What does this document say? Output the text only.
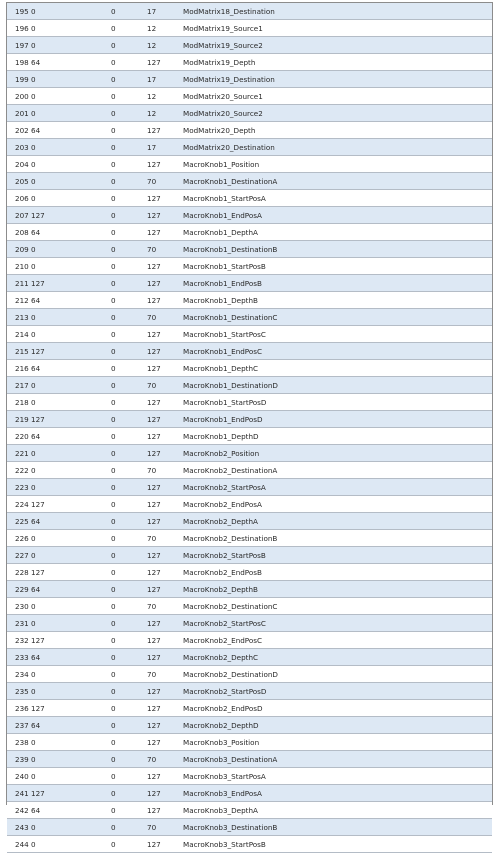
195 0	0	17	ModMatrix18_Destination
196 0	0	12	ModMatrix19_Source1
197 0	0	12	ModMatrix19_Source2
198 64	0	127	ModMatrix19_Depth
199 0	0	17	ModMatrix19_Destination
200 0	0	12	ModMatrix20_Source1
201 0	0	12	ModMatrix20_Source2
202 64	0	127	ModMatrix20_Depth
203 0	0	17	ModMatrix20_Destination
204 0	0	127	MacroKnob1_Position
205 0	0	70	MacroKnob1_DestinationA
206 0	0	127	MacroKnob1_StartPosA
207 127	0	127	MacroKnob1_EndPosA
208 64	0	127	MacroKnob1_DepthA
209 0	0	70	MacroKnob1_DestinationB
210 0	0	127	MacroKnob1_StartPosB
211 127	0	127	MacroKnob1_EndPosB
212 64	0	127	MacroKnob1_DepthB
213 0	0	70	MacroKnob1_DestinationC
214 0	0	127	MacroKnob1_StartPosC
215 127	0	127	MacroKnob1_EndPosC
216 64	0	127	MacroKnob1_DepthC
217 0	0	70	MacroKnob1_DestinationD
218 0	0	127	MacroKnob1_StartPosD
219 127	0	127	MacroKnob1_EndPosD
220 64	0	127	MacroKnob1_DepthD
221 0	0	127	MacroKnob2_Position
222 0	0	70	MacroKnob2_DestinationA
223 0	0	127	MacroKnob2_StartPosA
224 127	0	127	MacroKnob2_EndPosA
225 64	0	127	MacroKnob2_DepthA
226 0	0	70	MacroKnob2_DestinationB
227 0	0	127	MacroKnob2_StartPosB
228 127	0	127	MacroKnob2_EndPosB
229 64	0	127	MacroKnob2_DepthB
230 0	0	70	MacroKnob2_DestinationC
231 0	0	127	MacroKnob2_StartPosC
232 127	0	127	MacroKnob2_EndPosC
233 64	0	127	MacroKnob2_DepthC
234 0	0	70	MacroKnob2_DestinationD
235 0	0	127	MacroKnob2_StartPosD
236 127	0	127	MacroKnob2_EndPosD
237 64	0	127	MacroKnob2_DepthD
238 0	0	127	MacroKnob3_Position
239 0	0	70	MacroKnob3_DestinationA
240 0	0	127	MacroKnob3_StartPosA
241 127	0	127	MacroKnob3_EndPosA
242 64	0	127	MacroKnob3_DepthA
243 0	0	70	MacroKnob3_DestinationB
244 0	0	127	MacroKnob3_StartPosB
